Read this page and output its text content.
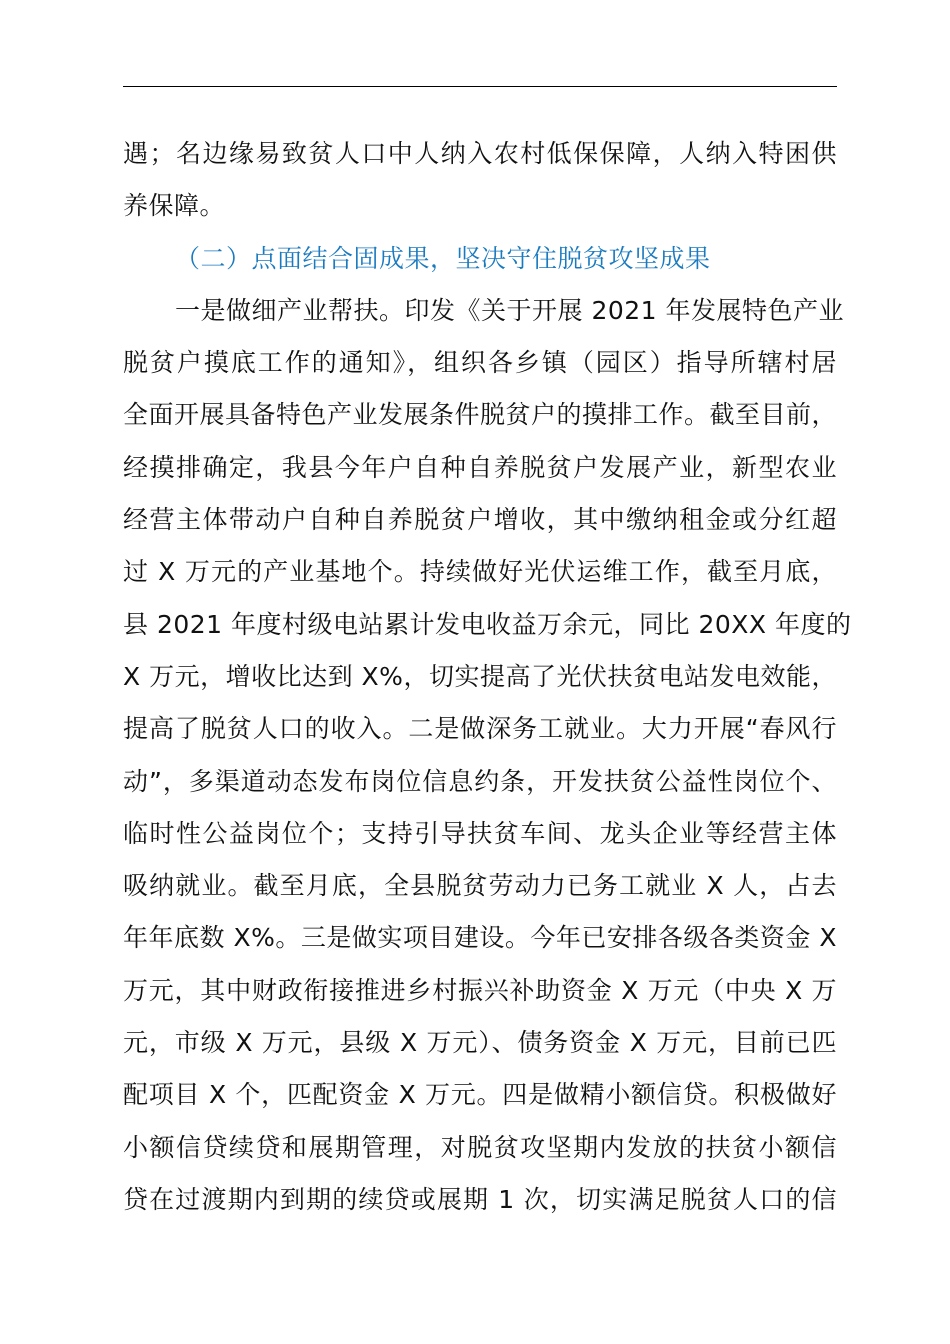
遇；名边缘易致贫人口中人纳入农村低保保障，人纳入特困供
养保障。
（二）点面结合固成果，坚决守住脱贫攻坚成果
一是做细产业帮扶。印发《关于开展 2021 年发展特色产业
脱贫户摸底工作的通知》，组织各乡镇（园区）指导所辖村居
全面开展具备特色产业发展条件脱贫户的摸排工作。截至目前，
经摸排确定，我县今年户自种自养脱贫户发展产业，新型农业
经营主体带动户自种自养脱贫户增收，其中缴纳租金或分红超
过 X 万元的产业基地个。持续做好光伏运维工作，截至月底，
县 2021 年度村级电站累计发电收益万余元，同比 20XX 年度的
X 万元，增收比达到 X%，切实提高了光伏扶贫电站发电效能，
提高了脱贫人口的收入。二是做深务工就业。大力开展“春风行
动”，多渠道动态发布岗位信息约条，开发扶贫公益性岗位个、
临时性公益岗位个；支持引导扶贫车间、龙头企业等经营主体
吸纳就业。截至月底，全县脱贫劳动力已务工就业 X 人，占去
年年底数 X%。三是做实项目建设。今年已安排各级各类资金 X
万元，其中财政衔接推进乡村振兴补助资金 X 万元（中央 X 万
元，市级 X 万元，县级 X 万元）、债务资金 X 万元，目前已匹
配项目 X 个，匹配资金 X 万元。四是做精小额信贷。积极做好
小额信贷续贷和展期管理，对脱贫攻坚期内发放的扶贫小额信
贷在过渡期内到期的续贷或展期 1 次，切实满足脱贫人口的信
